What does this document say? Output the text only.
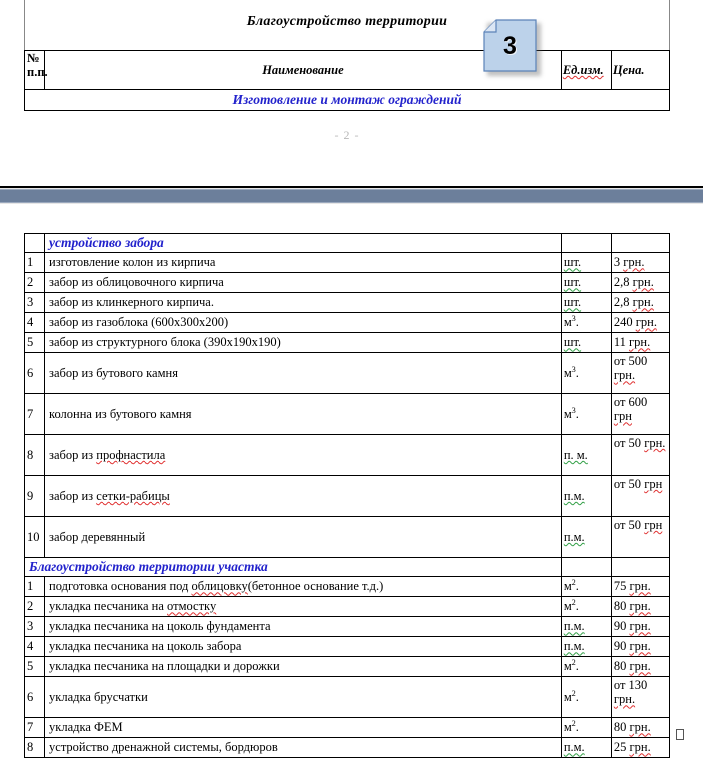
Благоустройство территории
№
п.п.	Наименование	Ед.изм.	Цена.
Изготовление и монтаж ограждений
- 2 -
3
	устройство забора		
1	изготовление колон из кирпича	шт.	3 грн.
2	забор из облицовочного кирпича	шт.	2,8 грн.
3	забор из клинкерного кирпича.	шт.	2,8 грн.
4	забор из газоблока (600х300х200)	$м^3$.	240 грн.
5	забор из структурного блока (390х190х190)	шт.	11 грн.
6	забор из бутового камня	$м^3$.	от 500 грн.
7	колонна из бутового камня	$м^3$.	от 600 грн
8	забор из профнастила	п. м.	от 50 грн.
9	забор из сетки-рабицы	п.м.	от 50 грн
10	забор деревянный	п.м.	от 50 грн
Благоустройство территории участка			
1	подготовка основания под облицовку(бетонное основание т.д.)	$м^2$.	75 грн.
2	укладка песчаника на отмостку	$м^2$.	80 грн.
3	укладка песчаника на цоколь фундамента	п.м.	90 грн.
4	укладка песчаника на цоколь забора	п.м.	90 грн.
5	укладка песчаника на площадки и дорожки	$м^2$.	80 грн.
6	укладка брусчатки	$м^2$.	от 130 грн.
7	укладка ФЕМ	$м^2$.	80 грн.
8	устройство дренажной системы, бордюров	п.м.	25 грн.
